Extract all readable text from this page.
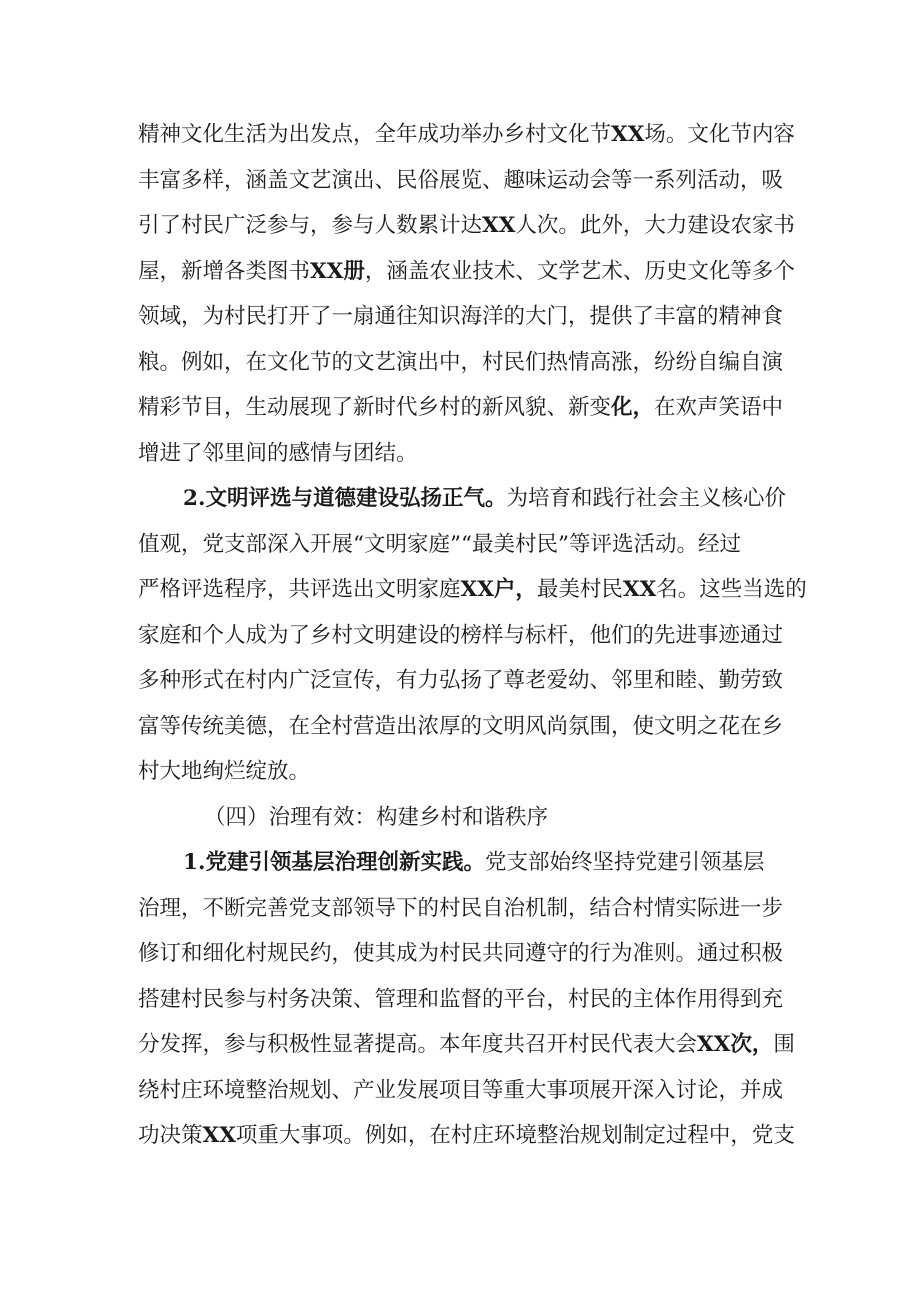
精神文化生活为出发点，全年成功举办乡村文化节XX场。文化节内容
丰富多样，涵盖文艺演出、民俗展览、趣味运动会等一系列活动，吸
引了村民广泛参与，参与人数累计达XX人次。此外，大力建设农家书
屋，新增各类图书XX册，涵盖农业技术、文学艺术、历史文化等多个
领域，为村民打开了一扇通往知识海洋的大门，提供了丰富的精神食
粮。例如，在文化节的文艺演出中，村民们热情高涨，纷纷自编自演
精彩节目，生动展现了新时代乡村的新风貌、新变化，在欢声笑语中
增进了邻里间的感情与团结。
2.文明评选与道德建设弘扬正气。为培育和践行社会主义核心价
值观，党支部深入开展“文明家庭”“最美村民”等评选活动。经过
严格评选程序，共评选出文明家庭XX户，最美村民XX名。这些当选的
家庭和个人成为了乡村文明建设的榜样与标杆，他们的先进事迹通过
多种形式在村内广泛宣传，有力弘扬了尊老爱幼、邻里和睦、勤劳致
富等传统美德，在全村营造出浓厚的文明风尚氛围，使文明之花在乡
村大地绚烂绽放。
（四）治理有效：构建乡村和谐秩序
1.党建引领基层治理创新实践。党支部始终坚持党建引领基层
治理，不断完善党支部领导下的村民自治机制，结合村情实际进一步
修订和细化村规民约，使其成为村民共同遵守的行为准则。通过积极
搭建村民参与村务决策、管理和监督的平台，村民的主体作用得到充
分发挥，参与积极性显著提高。本年度共召开村民代表大会XX次，围
绕村庄环境整治规划、产业发展项目等重大事项展开深入讨论，并成
功决策XX项重大事项。例如，在村庄环境整治规划制定过程中，党支
